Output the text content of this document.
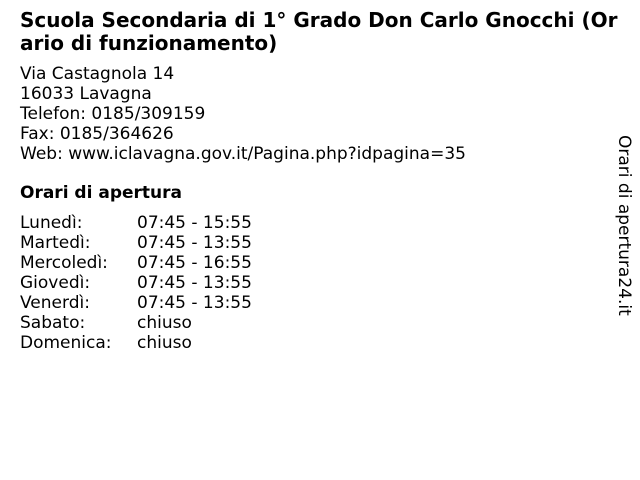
Scuola Secondaria di 1° Grado Don Carlo Gnocchi (Orario di funzionamento)
Via Castagnola 14
16033 Lavagna
Telefon: 0185/309159
Fax: 0185/364626
Web: www.iclavagna.gov.it/Pagina.php?idpagina=35
Orari di apertura
Lunedì:	07:45 - 15:55
Martedì:	07:45 - 13:55
Mercoledì:	07:45 - 16:55
Giovedì:	07:45 - 13:55
Venerdì:	07:45 - 13:55
Sabato:	chiuso
Domenica:	chiuso
Orari di apertura24.it
